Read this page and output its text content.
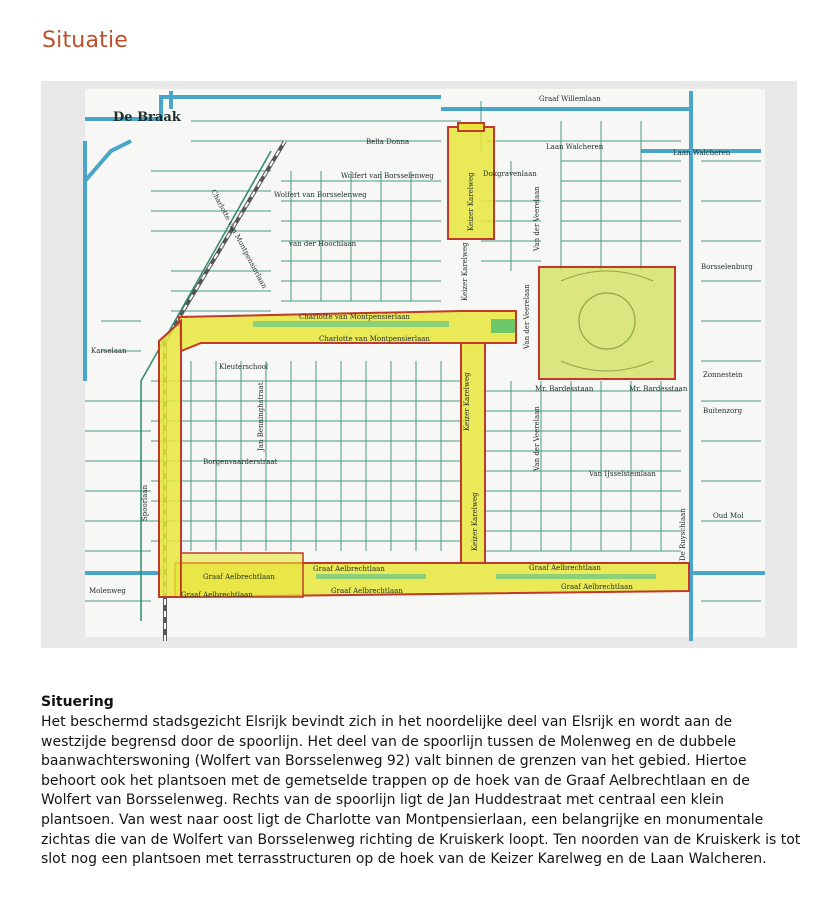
Situatie
De Braak
Graaf Willemlaan
Bella Donna
Laan Walcheren
Laan Walcheren
Wolfert van Borsselenweg
Wolfert van Borsselenweg
Dokgravenlaan
van der Hoochlaan
Charlotte van Montpensierlaan
Charlotte van Montpensierlaan
Charlotte van Montpensierlaan	Keizer Karelweg
Keizer Karelweg
Keizer Karelweg
Keizer Karelweg
Van der Veerelaan
Van der Veerelaan
Van der Veerelaan
Mr. Bardesstaan	Mr. Bardesstaan
Van IJsselsteinlaan
Graaf Aelbrechtlaan
Graaf Aelbrechtlaan
Graaf Aelbrechtlaan
Graaf Aelbrechtlaan
Graaf Aelbrechtlaan
Graaf Aelbrechtlaan
Borgenvaarderstraat
Jan Benninghstraat
De Ruyschlaan
Buitenzorg
Zonnestein
Oud Mol
Molenweg
Karselaan
Spoorlaan
Borsselenburg
Kleuterschool
Situering

Het beschermd stadsgezicht Elsrijk bevindt zich in het noordelijke deel van Elsrijk en wordt aan de westzijde begrensd door de spoorlijn. Het deel van de spoorlijn tussen de Molenweg en de dubbele baanwachterswoning (Wolfert van Borsselenweg 92) valt binnen de grenzen van het gebied. Hiertoe behoort ook het plantsoen met de gemetselde trappen op de hoek van de Graaf Aelbrechtlaan en de Wolfert van Borsselenweg. Rechts van de spoorlijn ligt de Jan Huddestraat met centraal een klein plantsoen. Van west naar oost ligt de Charlotte van Montpensierlaan, een belangrijke en monumentale zichtas die van de Wolfert van Borsselenweg richting de Kruiskerk loopt. Ten noorden van de Kruiskerk is tot slot nog een plantsoen met terrasstructuren op de hoek van de Keizer Karelweg en de Laan Walcheren.
